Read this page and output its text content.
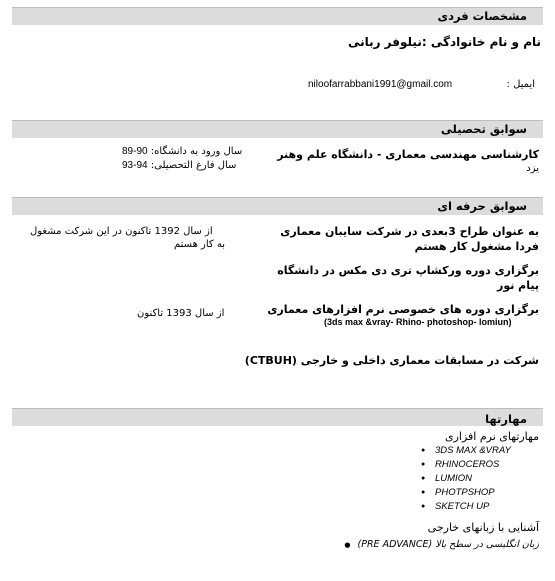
مشخصات فردی
نام و نام خانوادگی :نیلوفر ربانی
niloofarrabbani1991@gmail.com	ایمیل :
سوابق تحصیلی
کارشناسی مهندسی معماری - دانشگاه علم وهنر
یزد
89-90 سال ورود به دانشگاه:
93-94 سال فارغ التحصیلی:
سوابق حرفه ای
به عنوان طراح 3بعدی در شرکت سایبان معماری
فردا مشغول کار هستم
از سال 1392 تاکنون در این شرکت مشغول
به کار هستم
برگزاری دوره ورکشاپ تری دی مکس در دانشگاه
پیام نور
برگزاری دوره های خصوصی نرم افزارهای معماری
(3ds max &vray- Rhino- photoshop- lomiun)
از سال 1393 تاکنون
شرکت در مسابقات معماری داخلی و خارجی (CTBUH)
مهارتها
مهارتهای نرم افزاری
● 3DS MAX &VRAY
● RHINOCEROS
● LUMION
● PHOTPSHOP
● SKETCH UP
آشنایی با زبانهای خارجی
زبان انگلیسی در سطح بالا (PRE ADVANCE) ●
